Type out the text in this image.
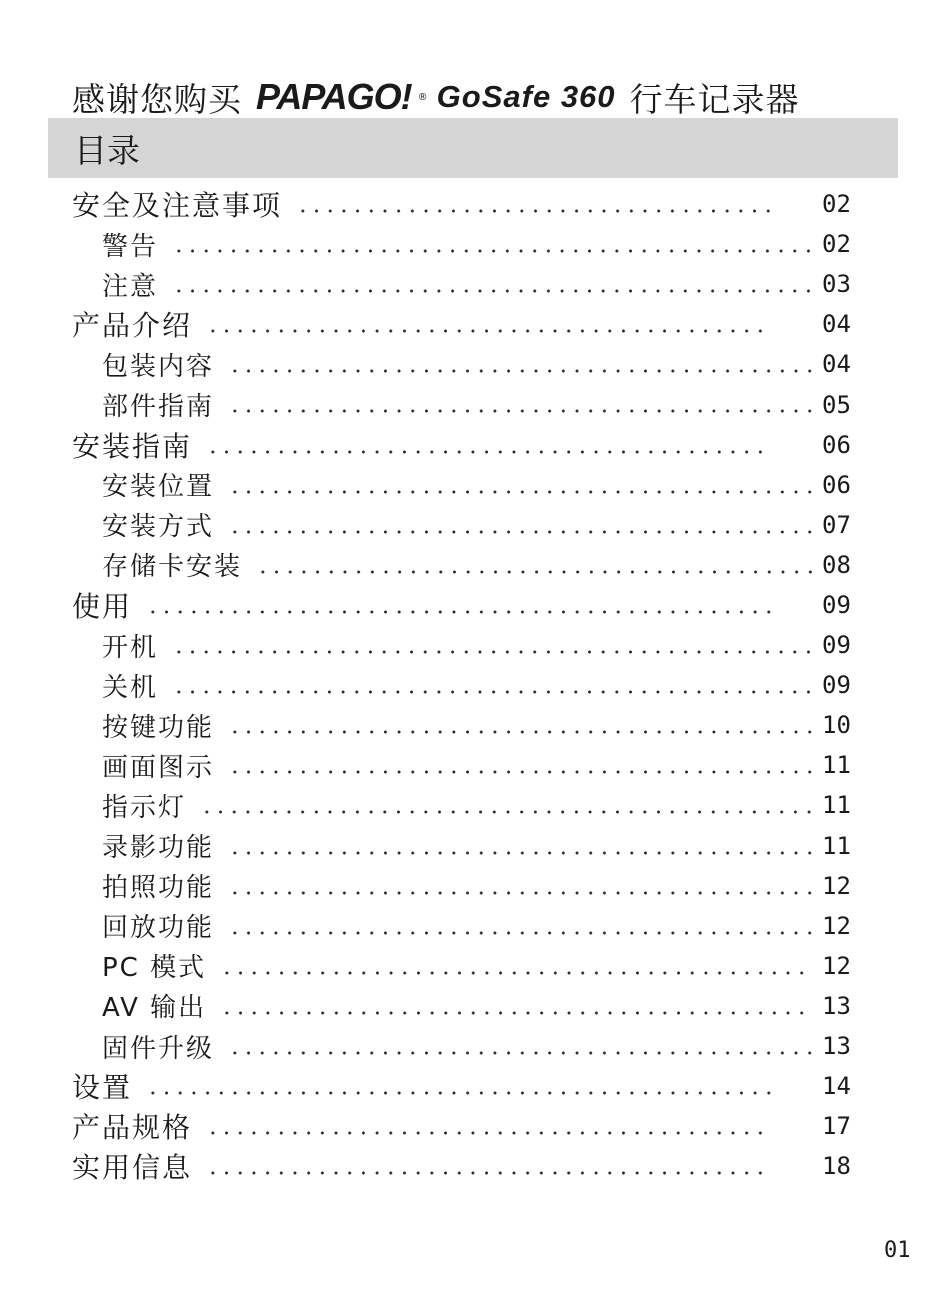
感谢您购买 PAPAGO! ® GoSafe 360 行车记录器
目录
安全及注意事项	02
警告	02
注意	03
产品介绍	04
包装内容	04
部件指南	05
安装指南	06
安装位置	06
安装方式	07
存储卡安装	08
使用	09
开机	09
关机	09
按键功能	10
画面图示	11
指示灯	11
录影功能	11
拍照功能	12
回放功能	12
PC 模式	12
AV 输出	13
固件升级	13
设置	14
产品规格	17
实用信息	18
01
